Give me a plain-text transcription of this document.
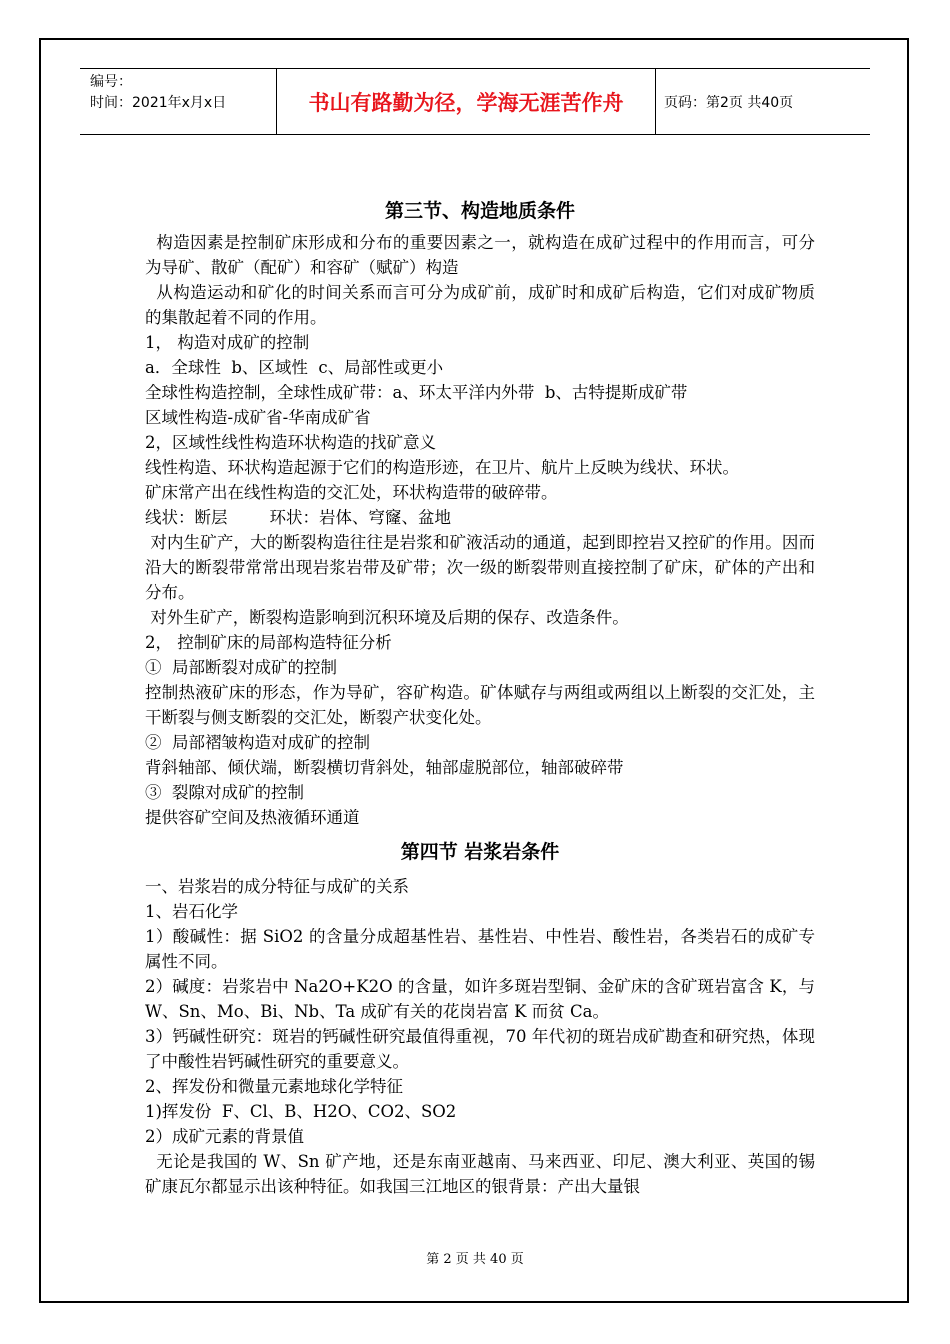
编号：
时间：2021年x月x日	书山有路勤为径，学海无涯苦作舟	页码：第2页 共40页
第三节、构造地质条件

构造因素是控制矿床形成和分布的重要因素之一，就构造在成矿过程中的作用而言，可分为导矿、散矿（配矿）和容矿（赋矿）构造

从构造运动和矿化的时间关系而言可分为成矿前，成矿时和成矿后构造，它们对成矿物质的集散起着不同的作用。

1， 构造对成矿的控制

a．全球性  b、区域性  c、局部性或更小

全球性构造控制，全球性成矿带：a、环太平洋内外带  b、古特提斯成矿带

区域性构造-成矿省-华南成矿省

2，区域性线性构造环状构造的找矿意义

线性构造、环状构造起源于它们的构造形迹，在卫片、航片上反映为线状、环状。

矿床常产出在线性构造的交汇处，环状构造带的破碎带。

线状：断层        环状：岩体、穹窿、盆地

对内生矿产，大的断裂构造往往是岩浆和矿液活动的通道，起到即控岩又控矿的作用。因而沿大的断裂带常常出现岩浆岩带及矿带；次一级的断裂带则直接控制了矿床，矿体的产出和分布。

对外生矿产，断裂构造影响到沉积环境及后期的保存、改造条件。

2， 控制矿床的局部构造特征分析

①  局部断裂对成矿的控制

控制热液矿床的形态，作为导矿，容矿构造。矿体赋存与两组或两组以上断裂的交汇处，主干断裂与侧支断裂的交汇处，断裂产状变化处。

②  局部褶皱构造对成矿的控制

背斜轴部、倾伏端，断裂横切背斜处，轴部虚脱部位，轴部破碎带

③  裂隙对成矿的控制

提供容矿空间及热液循环通道

第四节 岩浆岩条件

一、岩浆岩的成分特征与成矿的关系

1、岩石化学

1）酸碱性：据 SiO2 的含量分成超基性岩、基性岩、中性岩、酸性岩，各类岩石的成矿专属性不同。

2）碱度：岩浆岩中 Na2O+K2O 的含量，如许多斑岩型铜、金矿床的含矿斑岩富含 K，与 W、Sn、Mo、Bi、Nb、Ta 成矿有关的花岗岩富 K 而贫 Ca。

3）钙碱性研究：斑岩的钙碱性研究最值得重视，70 年代初的斑岩成矿勘查和研究热，体现了中酸性岩钙碱性研究的重要意义。

2、挥发份和微量元素地球化学特征

1)挥发份  F、Cl、B、H2O、CO2、SO2

2）成矿元素的背景值

无论是我国的 W、Sn 矿产地，还是东南亚越南、马来西亚、印尼、澳大利亚、英国的锡矿康瓦尔都显示出该种特征。如我国三江地区的银背景：产出大量银

第 2 页 共 40 页
